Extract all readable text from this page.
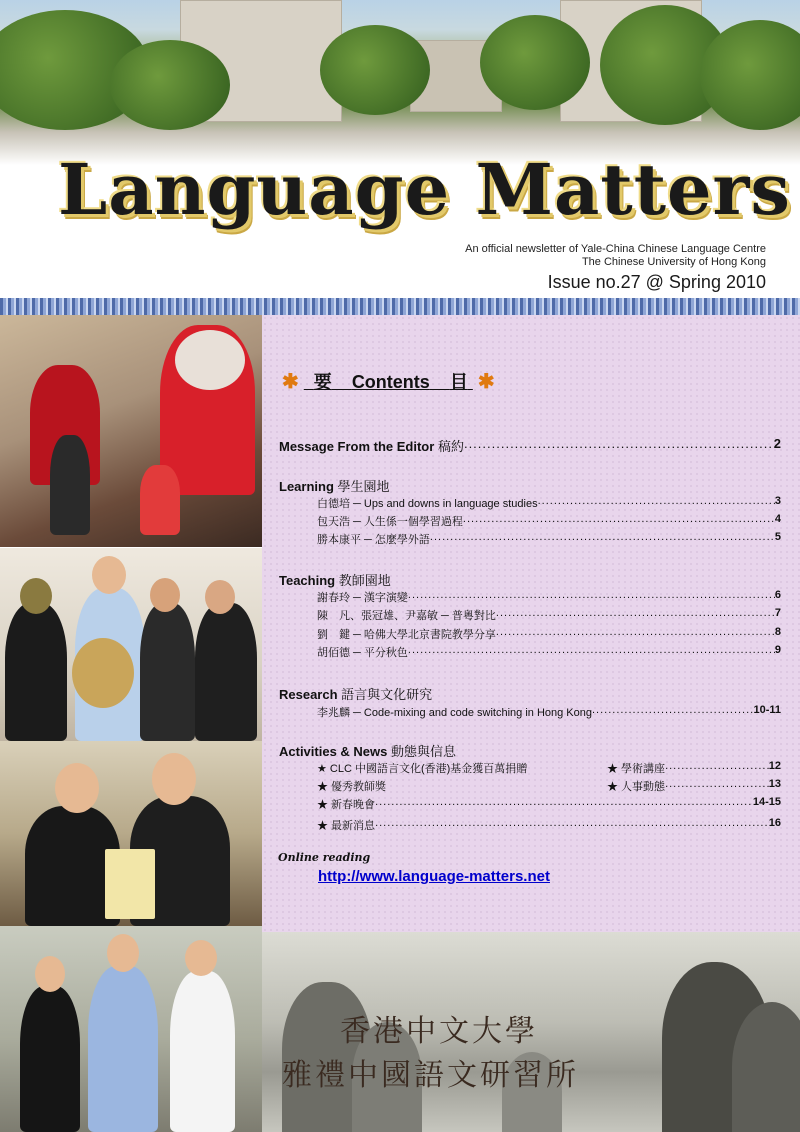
Language Matters
An official newsletter of Yale-China Chinese Language Centre
The Chinese University of Hong Kong
Issue no.27 @ Spring 2010
✱ 要 Contents 目 ✱
Message From the Editor 稿約 .....	2
Learning 學生園地
白德培 ─ Ups and downs in language studies .....	3
包天浩 ─ 人生係一個學習過程 .....	4
勝本康平 ─ 怎麼學外語 .....	5
Teaching 教師園地
謝春玲 ─ 漢字演變 .....	6
陳　凡、張冠雄、尹嘉敏 ─ 普粵對比 .....	7
劉　鍵 ─ 哈佛大學北京書院教學分享 .....	8
胡佰德 ─ 平分秋色 .....	9
Research 語言與文化研究
李兆麟 ─ Code-mixing and code switching in Hong Kong .....	10-11
Activities & News 動態與信息
★ CLC 中國語言文化(香港)基金獲百萬捐贈	★ 學術講座 .....	12
★ 優秀教師獎	★ 人事動態 .....	13
★ 新春晚會 .....	14-15
★ 最新消息 .....	16
Online reading
http://www.language-matters.net
香港中文大學
雅禮中國語文研習所
